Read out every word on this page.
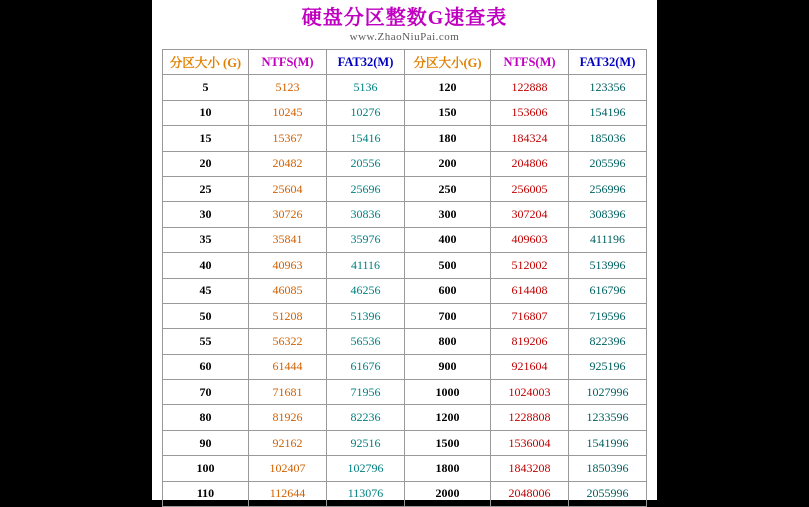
硬盘分区整数G速查表
www.ZhaoNiuPai.com
分区大小 (G)	NTFS(M)	FAT32(M)	分区大小(G)	NTFS(M)	FAT32(M)
5	5123	5136	120	122888	123356
10	10245	10276	150	153606	154196
15	15367	15416	180	184324	185036
20	20482	20556	200	204806	205596
25	25604	25696	250	256005	256996
30	30726	30836	300	307204	308396
35	35841	35976	400	409603	411196
40	40963	41116	500	512002	513996
45	46085	46256	600	614408	616796
50	51208	51396	700	716807	719596
55	56322	56536	800	819206	822396
60	61444	61676	900	921604	925196
70	71681	71956	1000	1024003	1027996
80	81926	82236	1200	1228808	1233596
90	92162	92516	1500	1536004	1541996
100	102407	102796	1800	1843208	1850396
110	112644	113076	2000	2048006	2055996
